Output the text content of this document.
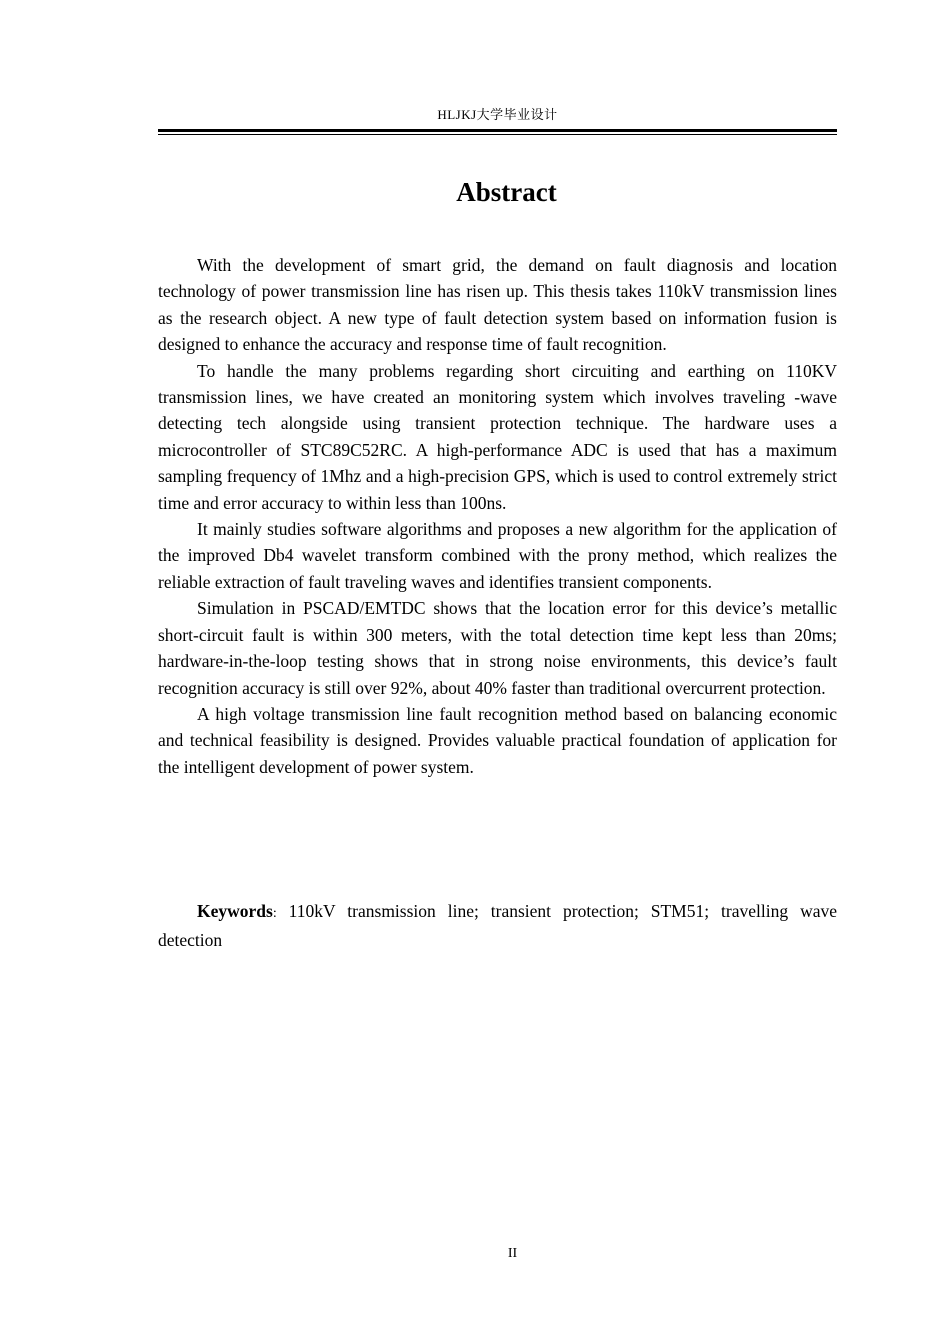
HLJKJ大学毕业设计
Abstract

With the development of smart grid, the demand on fault diagnosis and location technology of power transmission line has risen up. This thesis takes 110kV transmission lines as the research object. A new type of fault detection system based on information fusion is designed to enhance the accuracy and response time of fault recognition.

To handle the many problems regarding short circuiting and earthing on 110KV transmission lines, we have created an monitoring system which involves traveling -wave detecting tech alongside using transient protection technique. The hardware uses a microcontroller of STC89C52RC. A high-performance ADC is used that has a maximum sampling frequency of 1Mhz and a high-precision GPS, which is used to control extremely strict time and error accuracy to within less than 100ns.

It mainly studies software algorithms and proposes a new algorithm for the application of the improved Db4 wavelet transform combined with the prony method, which realizes the reliable extraction of fault traveling waves and identifies transient components.

Simulation in PSCAD/EMTDC shows that the location error for this device’s metallic short-circuit fault is within 300 meters, with the total detection time kept less than 20ms; hardware-in-the-loop testing shows that in strong noise environments, this device’s fault recognition accuracy is still over 92%, about 40% faster than traditional overcurrent protection.

A high voltage transmission line fault recognition method based on balancing economic and technical feasibility is designed. Provides valuable practical foundation of application for the intelligent development of power system.

Keywords: 110kV transmission line; transient protection; STM51; travelling wave detection

II
